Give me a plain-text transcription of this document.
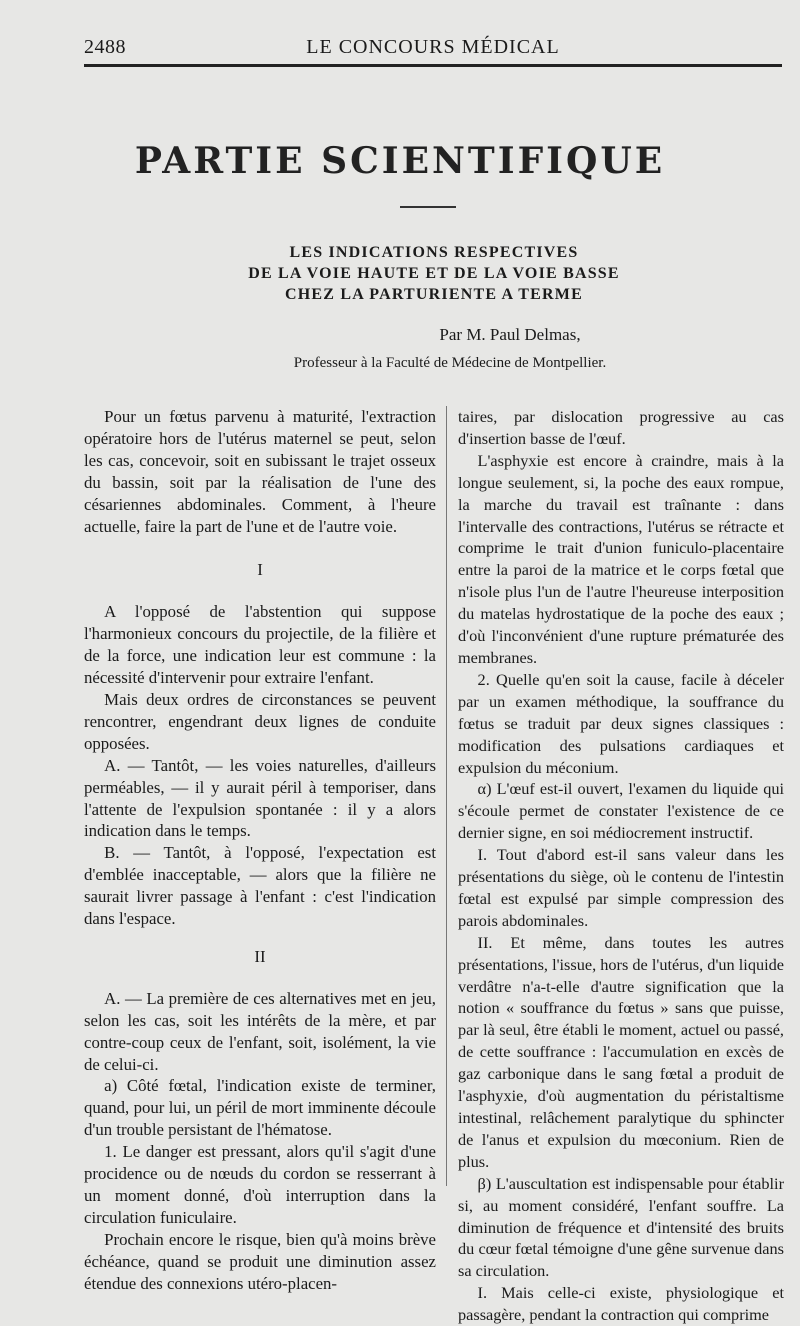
2488	LE CONCOURS MÉDICAL
PARTIE SCIENTIFIQUE
LES INDICATIONS RESPECTIVES
DE LA VOIE HAUTE ET DE LA VOIE BASSE
CHEZ LA PARTURIENTE A TERME
Par M. Paul Delmas,
Professeur à la Faculté de Médecine de Montpellier.

Pour un fœtus parvenu à maturité, l'extraction opératoire hors de l'utérus maternel se peut, selon les cas, concevoir, soit en subissant le trajet osseux du bassin, soit par la réalisation de l'une des césariennes abdominales. Comment, à l'heure actuelle, faire la part de l'une et de l'autre voie.

I

A l'opposé de l'abstention qui suppose l'harmonieux concours du projectile, de la filière et de la force, une indication leur est commune : la nécessité d'intervenir pour extraire l'enfant.

Mais deux ordres de circonstances se peuvent rencontrer, engendrant deux lignes de conduite opposées.

A. — Tantôt, — les voies naturelles, d'ailleurs perméables, — il y aurait péril à temporiser, dans l'attente de l'expulsion spontanée : il y a alors indication dans le temps.

B. — Tantôt, à l'opposé, l'expectation est d'emblée inacceptable, — alors que la filière ne saurait livrer passage à l'enfant : c'est l'indication dans l'espace.

II

A. — La première de ces alternatives met en jeu, selon les cas, soit les intérêts de la mère, et par contre-coup ceux de l'enfant, soit, isolément, la vie de celui-ci.

a) Côté fœtal, l'indication existe de terminer, quand, pour lui, un péril de mort imminente découle d'un trouble persistant de l'hématose.

1. Le danger est pressant, alors qu'il s'agit d'une procidence ou de nœuds du cordon se resserrant à un moment donné, d'où interruption dans la circulation funiculaire.

Prochain encore le risque, bien qu'à moins brève échéance, quand se produit une diminution assez étendue des connexions utéro-placen-

taires, par dislocation progressive au cas d'insertion basse de l'œuf.

L'asphyxie est encore à craindre, mais à la longue seulement, si, la poche des eaux rompue, la marche du travail est traînante : dans l'intervalle des contractions, l'utérus se rétracte et comprime le trait d'union funiculo-placentaire entre la paroi de la matrice et le corps fœtal que n'isole plus l'un de l'autre l'heureuse interposition du matelas hydrostatique de la poche des eaux ; d'où l'inconvénient d'une rupture prématurée des membranes.

2. Quelle qu'en soit la cause, facile à déceler par un examen méthodique, la souffrance du fœtus se traduit par deux signes classiques : modification des pulsations cardiaques et expulsion du méconium.

α) L'œuf est-il ouvert, l'examen du liquide qui s'écoule permet de constater l'existence de ce dernier signe, en soi médiocrement instructif.

I. Tout d'abord est-il sans valeur dans les présentations du siège, où le contenu de l'intestin fœtal est expulsé par simple compression des parois abdominales.

II. Et même, dans toutes les autres présentations, l'issue, hors de l'utérus, d'un liquide verdâtre n'a-t-elle d'autre signification que la notion « souffrance du fœtus » sans que puisse, par là seul, être établi le moment, actuel ou passé, de cette souffrance : l'accumulation en excès de gaz carbonique dans le sang fœtal a produit de l'asphyxie, d'où augmentation du péristaltisme intestinal, relâchement paralytique du sphincter de l'anus et expulsion du mœconium. Rien de plus.

β) L'auscultation est indispensable pour établir si, au moment considéré, l'enfant souffre. La diminution de fréquence et d'intensité des bruits du cœur fœtal témoigne d'une gêne survenue dans sa circulation.

I. Mais celle-ci existe, physiologique et passagère, pendant la contraction qui comprime
